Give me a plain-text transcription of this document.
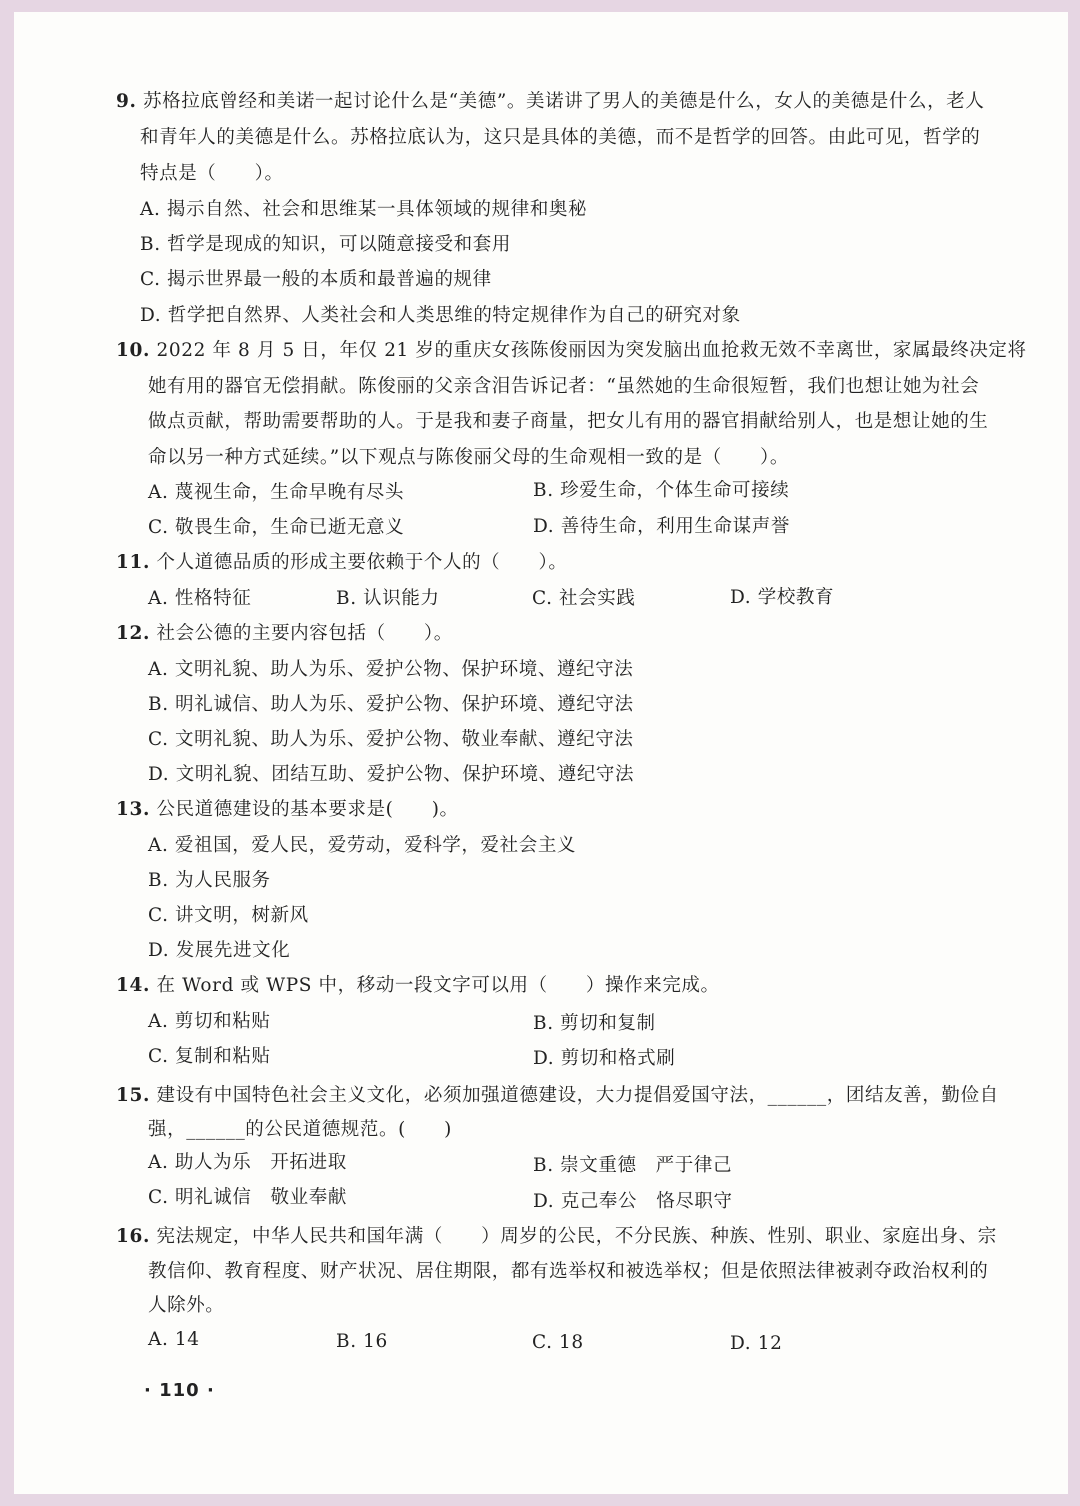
9. 苏格拉底曾经和美诺一起讨论什么是“美德”。美诺讲了男人的美德是什么，女人的美德是什么，老人
和青年人的美德是什么。苏格拉底认为，这只是具体的美德，而不是哲学的回答。由此可见，哲学的
特点是（　　）。
A. 揭示自然、社会和思维某一具体领域的规律和奥秘
B. 哲学是现成的知识，可以随意接受和套用
C. 揭示世界最一般的本质和最普遍的规律
D. 哲学把自然界、人类社会和人类思维的特定规律作为自己的研究对象
10. 2022 年 8 月 5 日，年仅 21 岁的重庆女孩陈俊丽因为突发脑出血抢救无效不幸离世，家属最终决定将
她有用的器官无偿捐献。陈俊丽的父亲含泪告诉记者：“虽然她的生命很短暂，我们也想让她为社会
做点贡献，帮助需要帮助的人。于是我和妻子商量，把女儿有用的器官捐献给别人，也是想让她的生
命以另一种方式延续。”以下观点与陈俊丽父母的生命观相一致的是（　　）。
A. 蔑视生命，生命早晚有尽头	B. 珍爱生命，个体生命可接续
C. 敬畏生命，生命已逝无意义	D. 善待生命，利用生命谋声誉
11. 个人道德品质的形成主要依赖于个人的（　　）。
A. 性格特征	B. 认识能力	C. 社会实践	D. 学校教育
12. 社会公德的主要内容包括（　　）。
A. 文明礼貌、助人为乐、爱护公物、保护环境、遵纪守法
B. 明礼诚信、助人为乐、爱护公物、保护环境、遵纪守法
C. 文明礼貌、助人为乐、爱护公物、敬业奉献、遵纪守法
D. 文明礼貌、团结互助、爱护公物、保护环境、遵纪守法
13. 公民道德建设的基本要求是(　　)。
A. 爱祖国，爱人民，爱劳动，爱科学，爱社会主义
B. 为人民服务
C. 讲文明，树新风
D. 发展先进文化
14. 在 Word 或 WPS 中，移动一段文字可以用（　　）操作来完成。
A. 剪切和粘贴	B. 剪切和复制
C. 复制和粘贴	D. 剪切和格式刷
15. 建设有中国特色社会主义文化，必须加强道德建设，大力提倡爱国守法，______，团结友善，勤俭自
强，______的公民道德规范。(　　)
A. 助人为乐　开拓进取	B. 崇文重德　严于律己
C. 明礼诚信　敬业奉献	D. 克己奉公　恪尽职守
16. 宪法规定，中华人民共和国年满（　　）周岁的公民，不分民族、种族、性别、职业、家庭出身、宗
教信仰、教育程度、财产状况、居住期限，都有选举权和被选举权；但是依照法律被剥夺政治权利的
人除外。
A. 14	B. 16	C. 18	D. 12
· 110 ·
